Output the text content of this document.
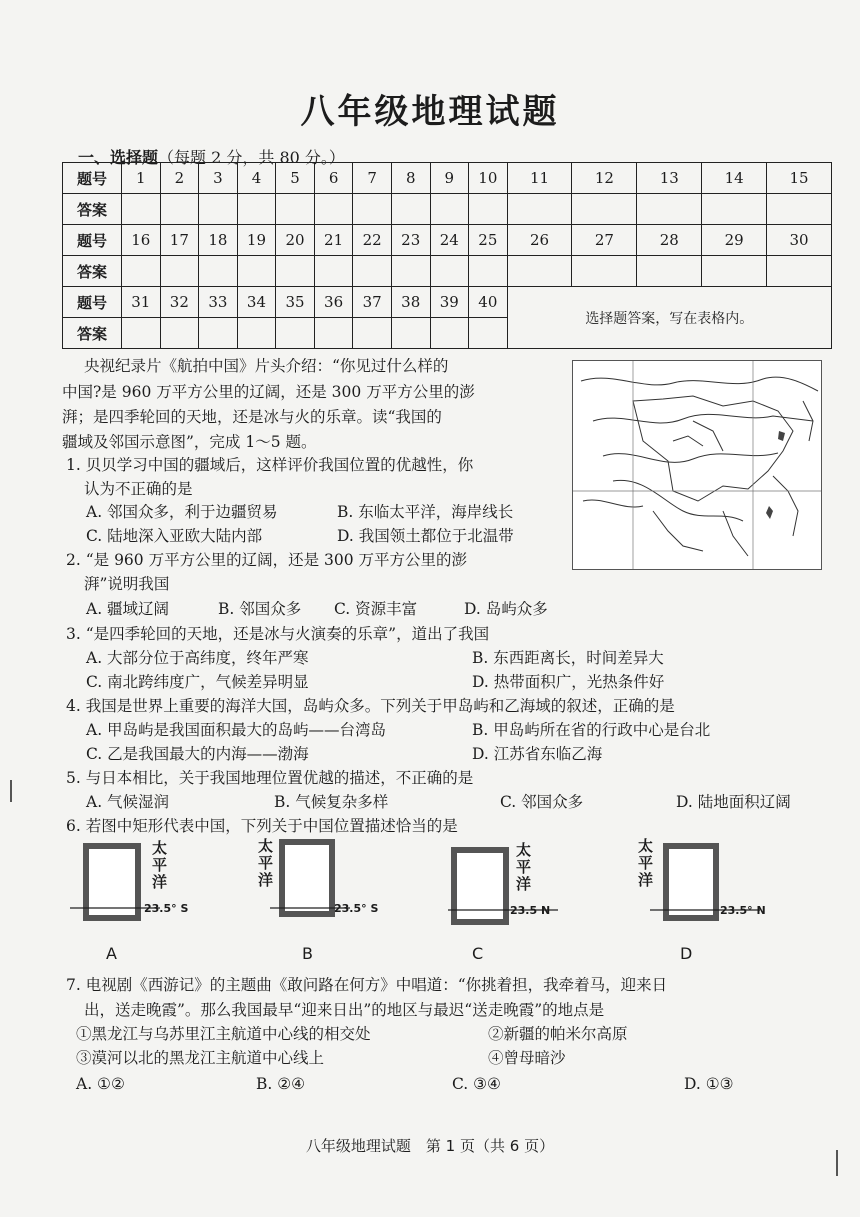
八年级地理试题
一、选择题（每题 2 分，共 80 分。）
题号	1	2	3	4	5	6	7	8	9	10	11	12	13	14	15
答案															
题号	16	17	18	19	20	21	22	23	24	25	26	27	28	29	30
答案															
题号	31	32	33	34	35	36	37	38	39	40	选择题答案，写在表格内。				
答案															
央视纪录片《航拍中国》片头介绍：“你见过什么样的
中国?是 960 万平方公里的辽阔，还是 300 万平方公里的澎
湃；是四季轮回的天地，还是冰与火的乐章。读“我国的
疆域及邻国示意图”，完成 1～5 题。
1. 贝贝学习中国的疆域后，这样评价我国位置的优越性，你
认为不正确的是
A. 邻国众多，利于边疆贸易	B. 东临太平洋，海岸线长
C. 陆地深入亚欧大陆内部	D. 我国领土都位于北温带
2. “是 960 万平方公里的辽阔，还是 300 万平方公里的澎
湃”说明我国
A. 疆域辽阔	B. 邻国众多 C. 资源丰富	D. 岛屿众多
3. “是四季轮回的天地，还是冰与火演奏的乐章”，道出了我国
A. 大部分位于高纬度，终年严寒	B. 东西距离长，时间差异大
C. 南北跨纬度广，气候差异明显	D. 热带面积广，光热条件好
4. 我国是世界上重要的海洋大国，岛屿众多。下列关于甲岛屿和乙海域的叙述，正确的是
A. 甲岛屿是我国面积最大的岛屿——台湾岛	B. 甲岛屿所在省的行政中心是台北
C. 乙是我国最大的内海——渤海	D. 江苏省东临乙海
5. 与日本相比，关于我国地理位置优越的描述，不正确的是
A. 气候湿润	B. 气候复杂多样	C. 邻国众多	D. 陆地面积辽阔
6. 若图中矩形代表中国，下列关于中国位置描述恰当的是
太平洋
23.5° S
A
太平洋
23.5° S
B
太平洋
23.5 N
C
太平洋
23.5° N
D
7. 电视剧《西游记》的主题曲《敢问路在何方》中唱道：“你挑着担，我牵着马，迎来日
出，送走晚霞”。那么我国最早“迎来日出”的地区与最迟“送走晚霞”的地点是
①黑龙江与乌苏里江主航道中心线的相交处	②新疆的帕米尔高原
③漠河以北的黑龙江主航道中心线上	④曾母暗沙
A. ①②	B. ②④	C. ③④	D. ①③
八年级地理试题　第 1 页（共 6 页）
